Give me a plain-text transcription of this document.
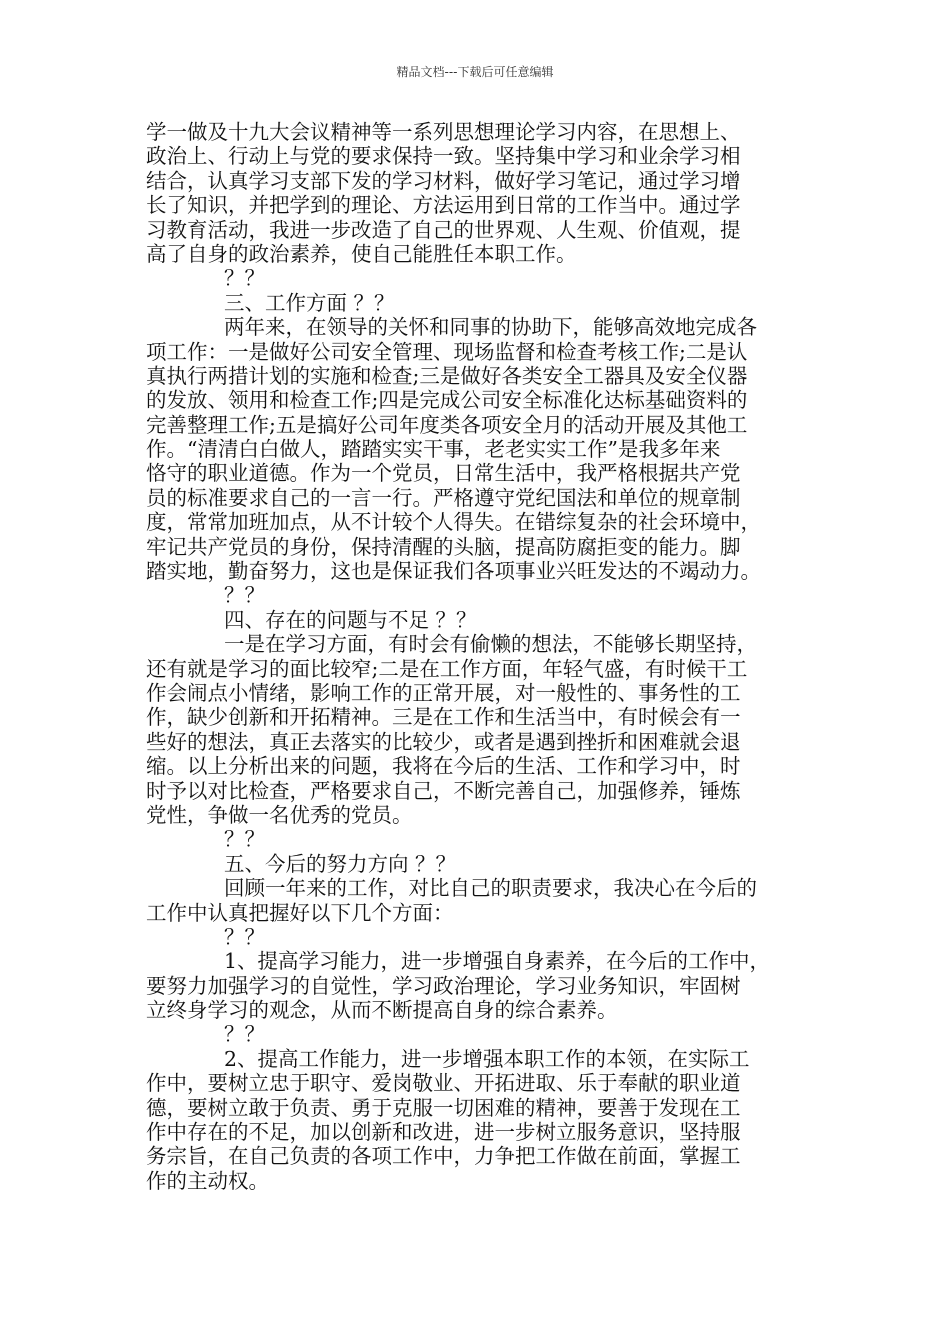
精品文档---下载后可任意编辑
学一做及十九大会议精神等一系列思想理论学习内容，在思想上、
政治上、行动上与党的要求保持一致。坚持集中学习和业余学习相
结合，认真学习支部下发的学习材料，做好学习笔记，通过学习增
长了知识，并把学到的理论、方法运用到日常的工作当中。通过学
习教育活动，我进一步改造了自己的世界观、人生观、价值观，提
高了自身的政治素养，使自己能胜任本职工作。
？？
三、工作方面 ？？
两年来，在领导的关怀和同事的协助下，能够高效地完成各
项工作：一是做好公司安全管理、现场监督和检查考核工作;二是认
真执行两措计划的实施和检查;三是做好各类安全工器具及安全仪器
的发放、领用和检查工作;四是完成公司安全标准化达标基础资料的
完善整理工作;五是搞好公司年度类各项安全月的活动开展及其他工
作。“清清白白做人，踏踏实实干事，老老实实工作”是我多年来
恪守的职业道德。作为一个党员，日常生活中，我严格根据共产党
员的标准要求自己的一言一行。严格遵守党纪国法和单位的规章制
度，常常加班加点，从不计较个人得失。在错综复杂的社会环境中，
牢记共产党员的身份，保持清醒的头脑，提高防腐拒变的能力。脚
踏实地，勤奋努力，这也是保证我们各项事业兴旺发达的不竭动力。
？？
四、存在的问题与不足 ？？
一是在学习方面，有时会有偷懒的想法，不能够长期坚持，
还有就是学习的面比较窄;二是在工作方面，年轻气盛，有时候干工
作会闹点小情绪，影响工作的正常开展，对一般性的、事务性的工
作，缺少创新和开拓精神。三是在工作和生活当中，有时候会有一
些好的想法，真正去落实的比较少，或者是遇到挫折和困难就会退
缩。以上分析出来的问题，我将在今后的生活、工作和学习中，时
时予以对比检查，严格要求自己，不断完善自己，加强修养，锤炼
党性，争做一名优秀的党员。
？？
五、今后的努力方向 ？？
回顾一年来的工作，对比自己的职责要求，我决心在今后的
工作中认真把握好以下几个方面：
？？
1、提高学习能力，进一步增强自身素养，在今后的工作中，
要努力加强学习的自觉性，学习政治理论，学习业务知识，牢固树
立终身学习的观念，从而不断提高自身的综合素养。
？？
2、提高工作能力，进一步增强本职工作的本领，在实际工
作中，要树立忠于职守、爱岗敬业、开拓进取、乐于奉献的职业道
德，要树立敢于负责、勇于克服一切困难的精神，要善于发现在工
作中存在的不足，加以创新和改进，进一步树立服务意识，坚持服
务宗旨，在自己负责的各项工作中，力争把工作做在前面，掌握工
作的主动权。
